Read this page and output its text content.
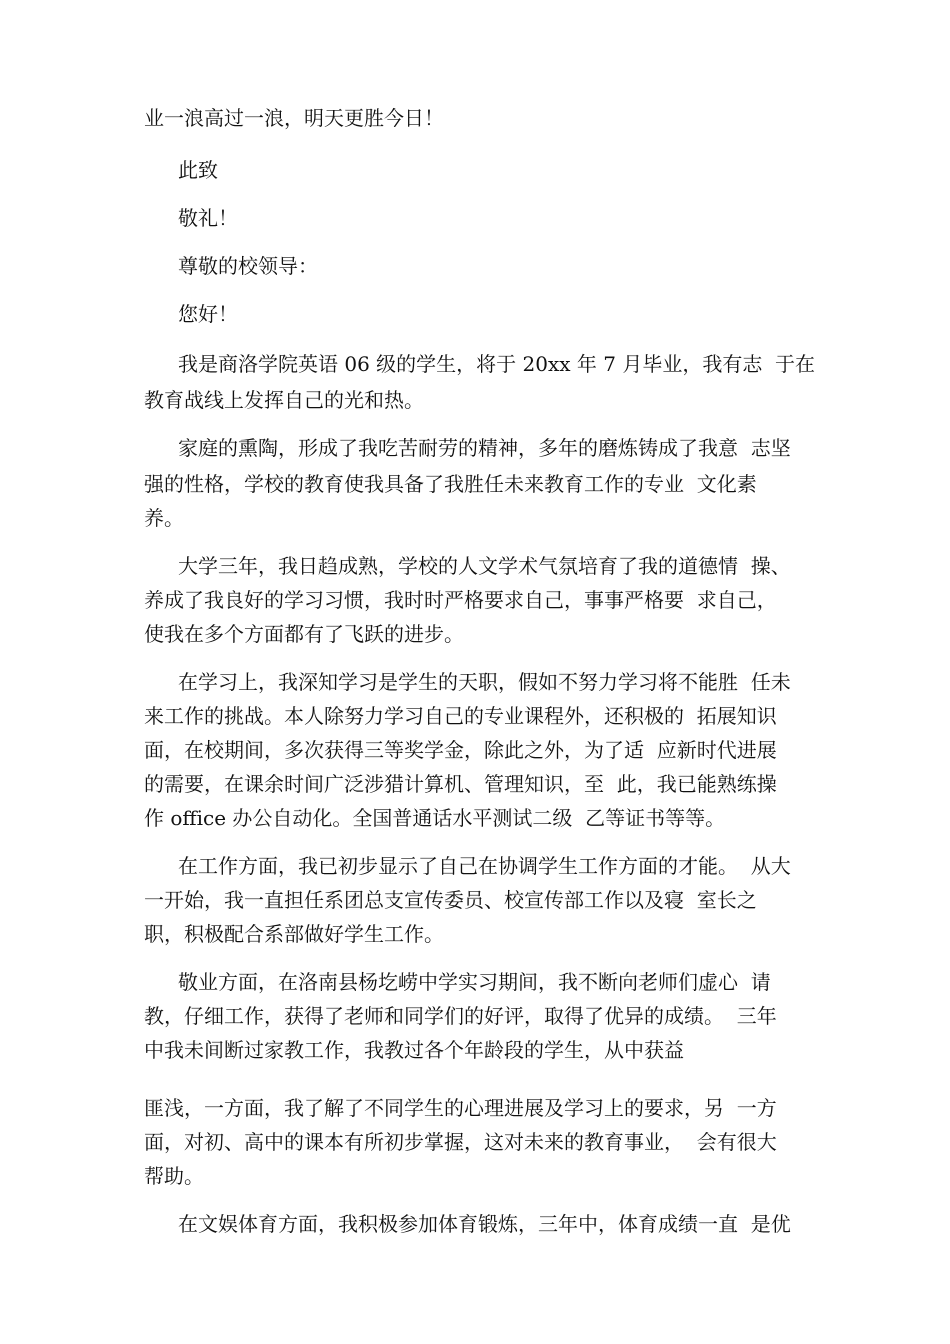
业一浪高过一浪，明天更胜今日！
此致
敬礼！
尊敬的校领导：
您好！
我是商洛学院英语 06 级的学生，将于 20xx 年 7 月毕业，我有志  于在
教育战线上发挥自己的光和热。
家庭的熏陶，形成了我吃苦耐劳的精神，多年的磨炼铸成了我意  志坚
强的性格，学校的教育使我具备了我胜任未来教育工作的专业  文化素
养。
大学三年，我日趋成熟，学校的人文学术气氛培育了我的道德情  操、
养成了我良好的学习习惯，我时时严格要求自己，事事严格要  求自己，
使我在多个方面都有了飞跃的进步。
在学习上，我深知学习是学生的天职，假如不努力学习将不能胜  任未
来工作的挑战。本人除努力学习自己的专业课程外，还积极的  拓展知识
面，在校期间，多次获得三等奖学金，除此之外，为了适  应新时代进展
的需要，在课余时间广泛涉猎计算机、管理知识，至  此，我已能熟练操
作 office 办公自动化。全国普通话水平测试二级  乙等证书等等。
在工作方面，我已初步显示了自己在协调学生工作方面的才能。  从大
一开始，我一直担任系团总支宣传委员、校宣传部工作以及寝  室长之
职，积极配合系部做好学生工作。
敬业方面，在洛南县杨圪崂中学实习期间，我不断向老师们虚心  请
教，仔细工作，获得了老师和同学们的好评，取得了优异的成绩。  三年
中我未间断过家教工作，我教过各个年龄段的学生，从中获益
匪浅，一方面，我了解了不同学生的心理进展及学习上的要求，另  一方
面，对初、高中的课本有所初步掌握，这对未来的教育事业，  会有很大
帮助。
在文娱体育方面，我积极参加体育锻炼，三年中，体育成绩一直  是优
